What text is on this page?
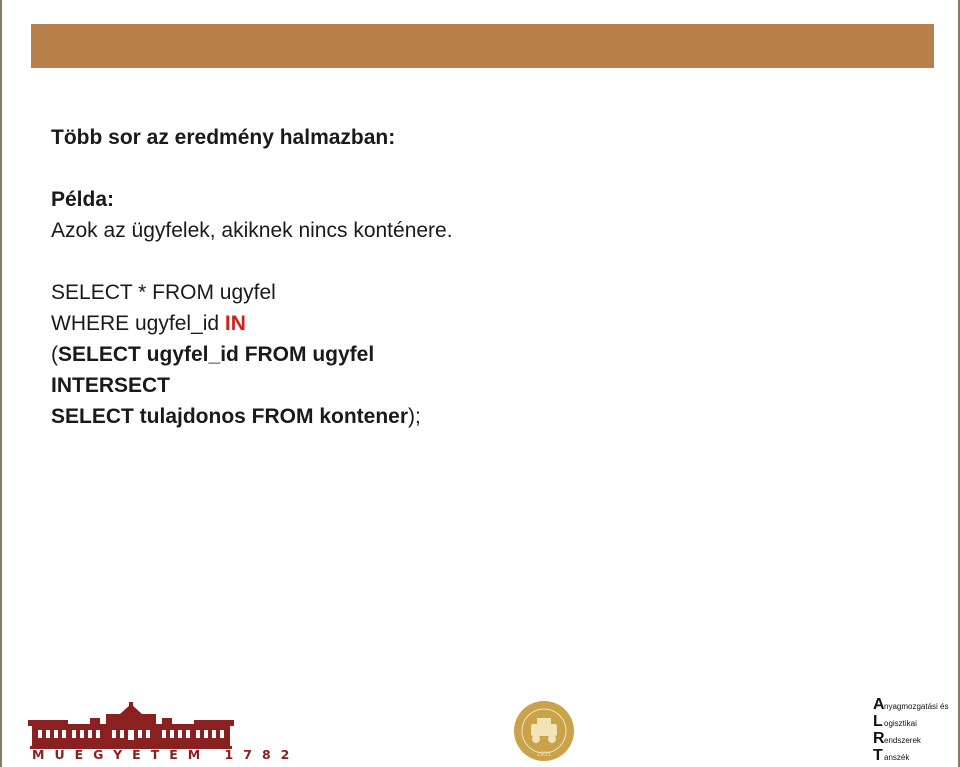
Több sor az eredmény halmazban:
Példa:
Azok az ügyfelek, akiknek nincs konténere.
SELECT * FROM ugyfel
WHERE ugyfel_id IN
(SELECT ugyfel_id FROM ugyfel
INTERSECT
SELECT tulajdonos FROM kontener);
MŰEGYETEM 1782	1931
A nyagmozgatási és
L ogisztikai
R endszerek
T anszék
